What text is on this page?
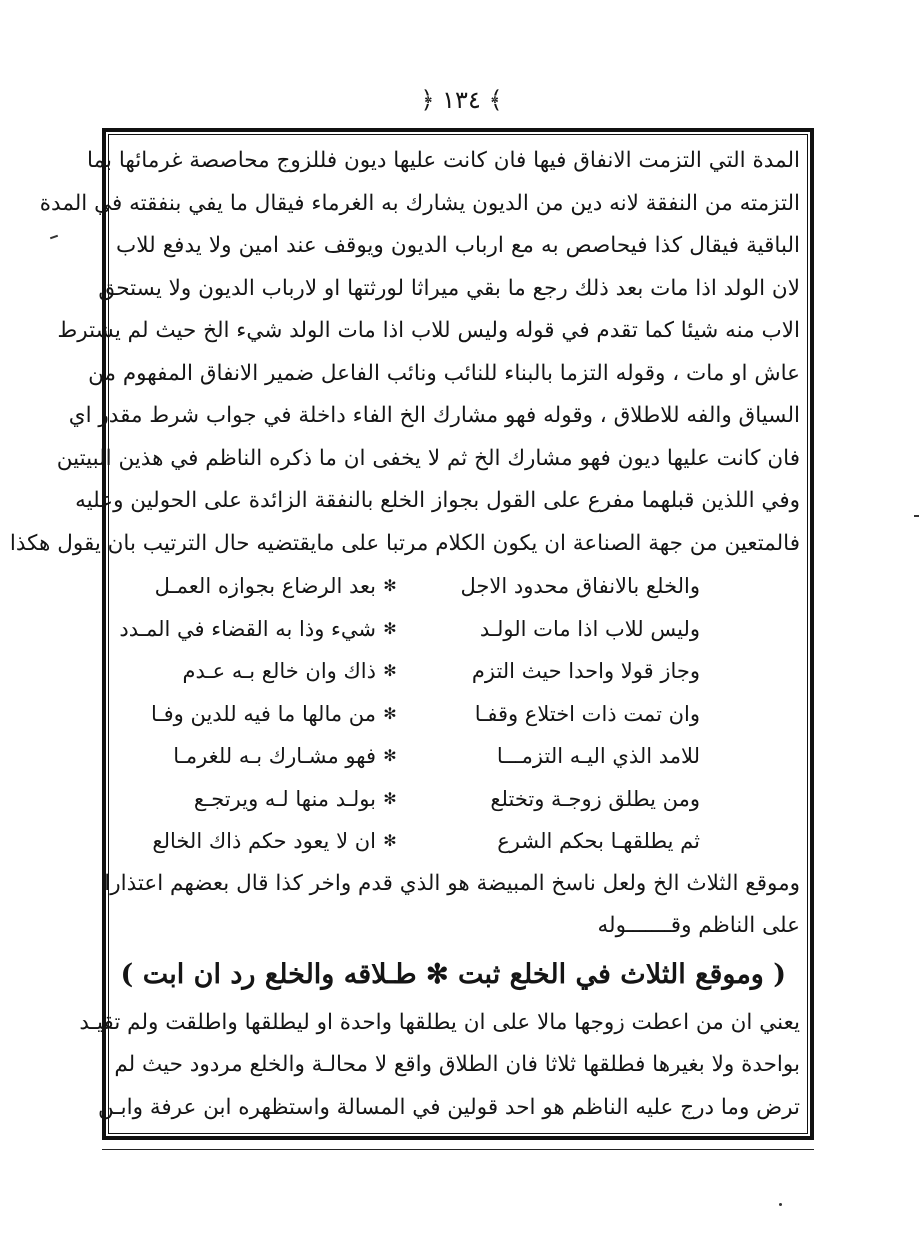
﴾ ١٣٤ ﴿
المدة التي التزمت الانفاق فيها فان كانت عليها ديون فللزوج محاصصة غرمائها بما
التزمته من النفقة لانه دين من الديون يشارك به الغرماء فيقال ما يفي بنفقته في المدة
الباقية فيقال كذا فيحاصص به مع ارباب الديون ويوقف عند امين ولا يدفع للاب
لان الولد اذا مات بعد ذلك رجع ما بقي ميراثا لورثتها او لارباب الديون ولا يستحق
الاب منه شيئا كما تقدم في قوله وليس للاب اذا مات الولد شيء الخ حيث لم يشترط
عاش او مات ، وقوله التزما بالبناء للنائب ونائب الفاعل ضمير الانفاق المفهوم من
السياق والفه للاطلاق ، وقوله فهو مشارك الخ الفاء داخلة في جواب شرط مقدر اي
فان كانت عليها ديون فهو مشارك الخ ثم لا يخفى ان ما ذكره الناظم في هذين البيتين
وفي اللذين قبلهما مفرع على القول بجواز الخلع بالنفقة الزائدة على الحولين وعليه
فالمتعين من جهة الصناعة ان يكون الكلام مرتبا على مايقتضيه حال الترتيب بان يقول هكذا
والخلع بالانفاق محدود الاجل
✻
بعد الرضاع بجوازه العمـل
وليس للاب اذا مات الولـد
✻
شيء وذا به القضاء في المـدد
وجاز قولا واحدا حيث التزم
✻
ذاك وان خالع بـه عـدم
وان تمت ذات اختلاع وقفـا
✻
من مالها ما فيه للدين وفـا
للامد الذي اليـه التزمـــا
✻
فهو مشـارك بـه للغرمـا
ومن يطلق زوجـة وتختلع
✻
بولـد منها لـه ويرتجـع
ثم يطلقهـا بحكم الشرع
✻
ان لا يعود حكم ذاك الخالع
وموقع الثلاث الخ ولعل ناسخ المبيضة هو الذي قدم واخر كذا قال بعضهم اعتذارا
على الناظم وقـــــــوله
( وموقع الثلاث في الخلع ثبت ✻ طـلاقه والخلع رد ان ابت )
يعني ان من اعطت زوجها مالا على ان يطلقها واحدة او ليطلقها واطلقت ولم تقيـد
بواحدة ولا بغيرها فطلقها ثلاثا فان الطلاق واقع لا محالـة والخلع مردود حيث لم
ترض وما درج عليه الناظم هو احد قولين في المسالة واستظهره ابن عرفة وابـن
